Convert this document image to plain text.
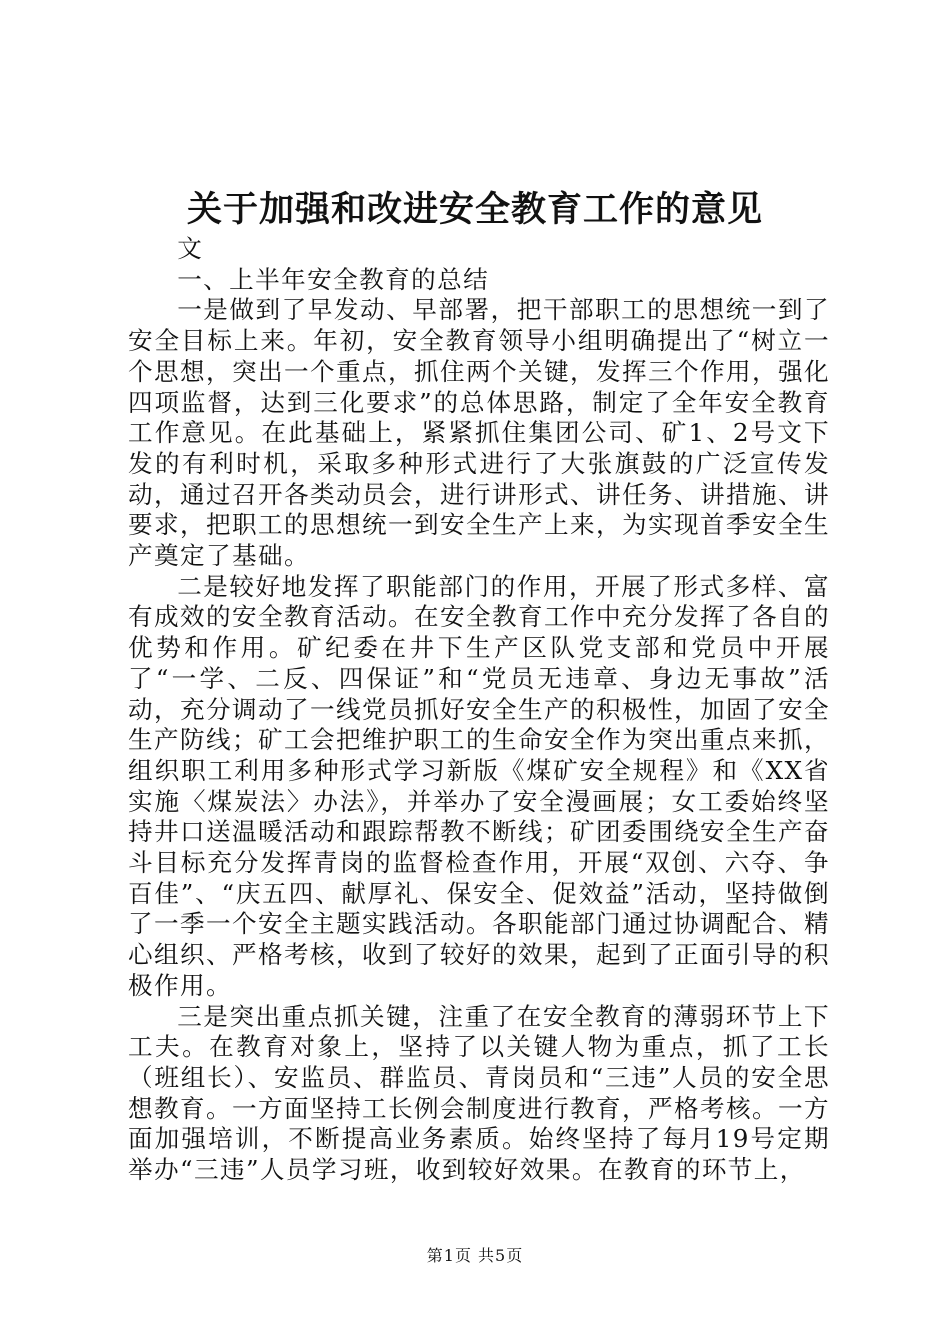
关于加强和改进安全教育工作的意见

文

一、上半年安全教育的总结

一是做到了早发动、早部署，把干部职工的思想统一到了安全目标上来。年初，安全教育领导小组明确提出了“树立一个思想，突出一个重点，抓住两个关键，发挥三个作用，强化四项监督，达到三化要求”的总体思路，制定了全年安全教育工作意见。在此基础上，紧紧抓住集团公司、矿1、2号文下发的有利时机，采取多种形式进行了大张旗鼓的广泛宣传发动，通过召开各类动员会，进行讲形式、讲任务、讲措施、讲要求，把职工的思想统一到安全生产上来，为实现首季安全生产奠定了基础。

二是较好地发挥了职能部门的作用，开展了形式多样、富有成效的安全教育活动。在安全教育工作中充分发挥了各自的优势和作用。矿纪委在井下生产区队党支部和党员中开展了“一学、二反、四保证”和“党员无违章、身边无事故”活动，充分调动了一线党员抓好安全生产的积极性，加固了安全生产防线；矿工会把维护职工的生命安全作为突出重点来抓，组织职工利用多种形式学习新版《煤矿安全规程》和《XX省实施〈煤炭法〉办法》，并举办了安全漫画展；女工委始终坚持井口送温暖活动和跟踪帮教不断线；矿团委围绕安全生产奋斗目标充分发挥青岗的监督检查作用，开展“双创、六夺、争百佳”、“庆五四、献厚礼、保安全、促效益”活动，坚持做倒了一季一个安全主题实践活动。各职能部门通过协调配合、精心组织、严格考核，收到了较好的效果，起到了正面引导的积极作用。

三是突出重点抓关键，注重了在安全教育的薄弱环节上下工夫。在教育对象上，坚持了以关键人物为重点，抓了工长（班组长）、安监员、群监员、青岗员和“三违”人员的安全思想教育。一方面坚持工长例会制度进行教育，严格考核。一方面加强培训，不断提高业务素质。始终坚持了每月19号定期举办“三违”人员学习班，收到较好效果。在教育的环节上，

第1页 共5页
